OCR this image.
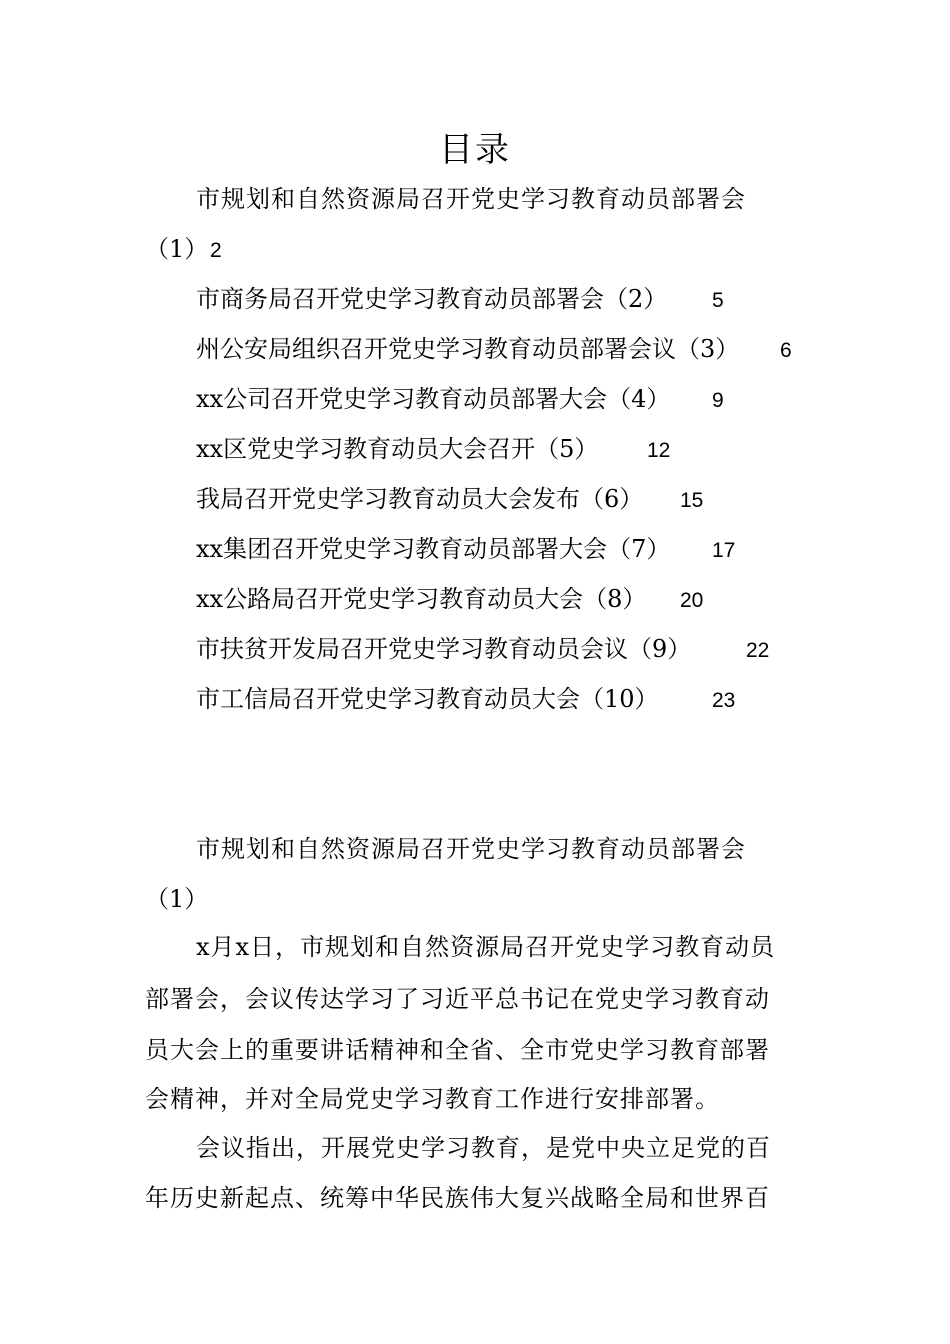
目录
市规划和自然资源局召开党史学习教育动员部署会
（1） 2
市商务局召开党史学习教育动员部署会（2） 5
州公安局组织召开党史学习教育动员部署会议（3） 6
xx公司召开党史学习教育动员部署大会（4） 9
xx区党史学习教育动员大会召开（5） 12
我局召开党史学习教育动员大会发布（6） 15
xx集团召开党史学习教育动员部署大会（7） 17
xx公路局召开党史学习教育动员大会（8） 20
市扶贫开发局召开党史学习教育动员会议（9）	22
市工信局召开党史学习教育动员大会（10）	23
市规划和自然资源局召开党史学习教育动员部署会
（1）
x月x日，市规划和自然资源局召开党史学习教育动员
部署会，会议传达学习了习近平总书记在党史学习教育动
员大会上的重要讲话精神和全省、全市党史学习教育部署
会精神，并对全局党史学习教育工作进行安排部署。
会议指出，开展党史学习教育，是党中央立足党的百
年历史新起点、统筹中华民族伟大复兴战略全局和世界百
